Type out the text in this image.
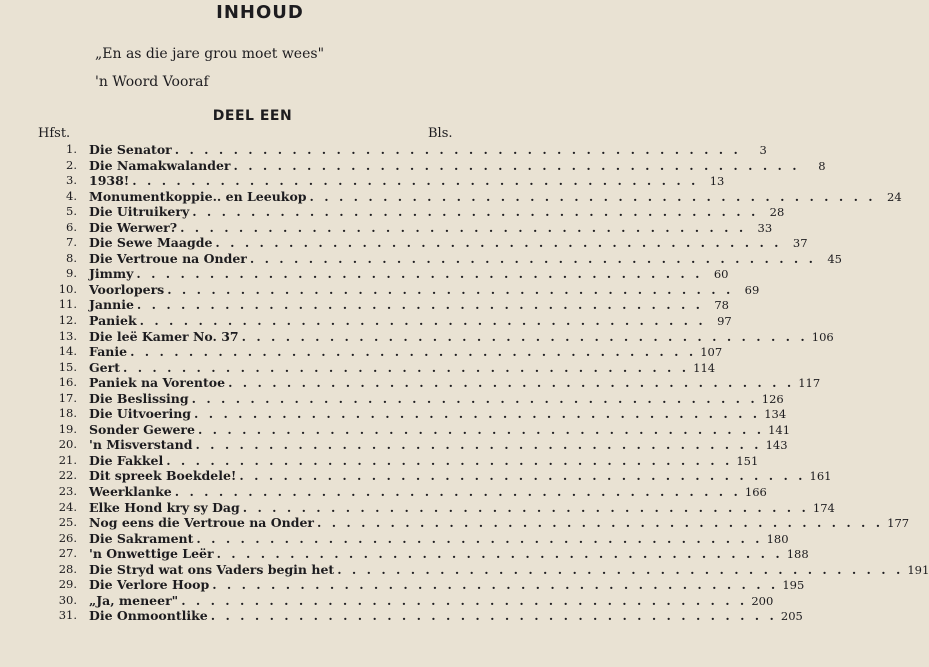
INHOUD
„En as die jare grou moet wees"
'n Woord Vooraf
DEEL EEN
Hfst.	Bls.
1. Die Senator . . . . . . . . . . . . . . . . . . . . . . . . . . . . . . . . . . . . . . .	3
2. Die Namakwalander . . . . . . . . . . . . . . . . . . . . . . . . . . . . . . . . . . . . . . .	8
3. 1938! . . . . . . . . . . . . . . . . . . . . . . . . . . . . . . . . . . . . . . . 13
4. Monumentkoppie.. en Leeukop . . . . . . . . . . . . . . . . . . . . . . . . . . . . . . . . . . . . . . . 24
5. Die Uitruikery . . . . . . . . . . . . . . . . . . . . . . . . . . . . . . . . . . . . . . . 28
6. Die Werwer? . . . . . . . . . . . . . . . . . . . . . . . . . . . . . . . . . . . . . . . 33
7. Die Sewe Maagde . . . . . . . . . . . . . . . . . . . . . . . . . . . . . . . . . . . . . . . 37
8. Die Vertroue na Onder . . . . . . . . . . . . . . . . . . . . . . . . . . . . . . . . . . . . . . . 45
9. Jimmy . . . . . . . . . . . . . . . . . . . . . . . . . . . . . . . . . . . . . . . 60
10. Voorlopers . . . . . . . . . . . . . . . . . . . . . . . . . . . . . . . . . . . . . . . 69
11. Jannie . . . . . . . . . . . . . . . . . . . . . . . . . . . . . . . . . . . . . . . 78
12. Paniek . . . . . . . . . . . . . . . . . . . . . . . . . . . . . . . . . . . . . . . 97
13. Die leë Kamer No. 37 . . . . . . . . . . . . . . . . . . . . . . . . . . . . . . . . . . . . . . . 106
14. Fanie . . . . . . . . . . . . . . . . . . . . . . . . . . . . . . . . . . . . . . . 107
15. Gert . . . . . . . . . . . . . . . . . . . . . . . . . . . . . . . . . . . . . . . 114
16. Paniek na Vorentoe . . . . . . . . . . . . . . . . . . . . . . . . . . . . . . . . . . . . . . . 117
17. Die Beslissing . . . . . . . . . . . . . . . . . . . . . . . . . . . . . . . . . . . . . . . 126
18. Die Uitvoering . . . . . . . . . . . . . . . . . . . . . . . . . . . . . . . . . . . . . . . 134
19. Sonder Gewere . . . . . . . . . . . . . . . . . . . . . . . . . . . . . . . . . . . . . . . 141
20. 'n Misverstand . . . . . . . . . . . . . . . . . . . . . . . . . . . . . . . . . . . . . . . 143
21. Die Fakkel . . . . . . . . . . . . . . . . . . . . . . . . . . . . . . . . . . . . . . . 151
22. Dit spreek Boekdele! . . . . . . . . . . . . . . . . . . . . . . . . . . . . . . . . . . . . . . . 161
23. Weerklanke . . . . . . . . . . . . . . . . . . . . . . . . . . . . . . . . . . . . . . . 166
24. Elke Hond kry sy Dag . . . . . . . . . . . . . . . . . . . . . . . . . . . . . . . . . . . . . . . 174
25. Nog eens die Vertroue na Onder . . . . . . . . . . . . . . . . . . . . . . . . . . . . . . . . . . . . . . . 177
26. Die Sakrament . . . . . . . . . . . . . . . . . . . . . . . . . . . . . . . . . . . . . . . 180
27. 'n Onwettige Leër . . . . . . . . . . . . . . . . . . . . . . . . . . . . . . . . . . . . . . . 188
28. Die Stryd wat ons Vaders begin het . . . . . . . . . . . . . . . . . . . . . . . . . . . . . . . . . . . . . . . 191
29. Die Verlore Hoop . . . . . . . . . . . . . . . . . . . . . . . . . . . . . . . . . . . . . . . 195
30. „Ja, meneer" . . . . . . . . . . . . . . . . . . . . . . . . . . . . . . . . . . . . . . . 200
31. Die Onmoontlike . . . . . . . . . . . . . . . . . . . . . . . . . . . . . . . . . . . . . . . 205
